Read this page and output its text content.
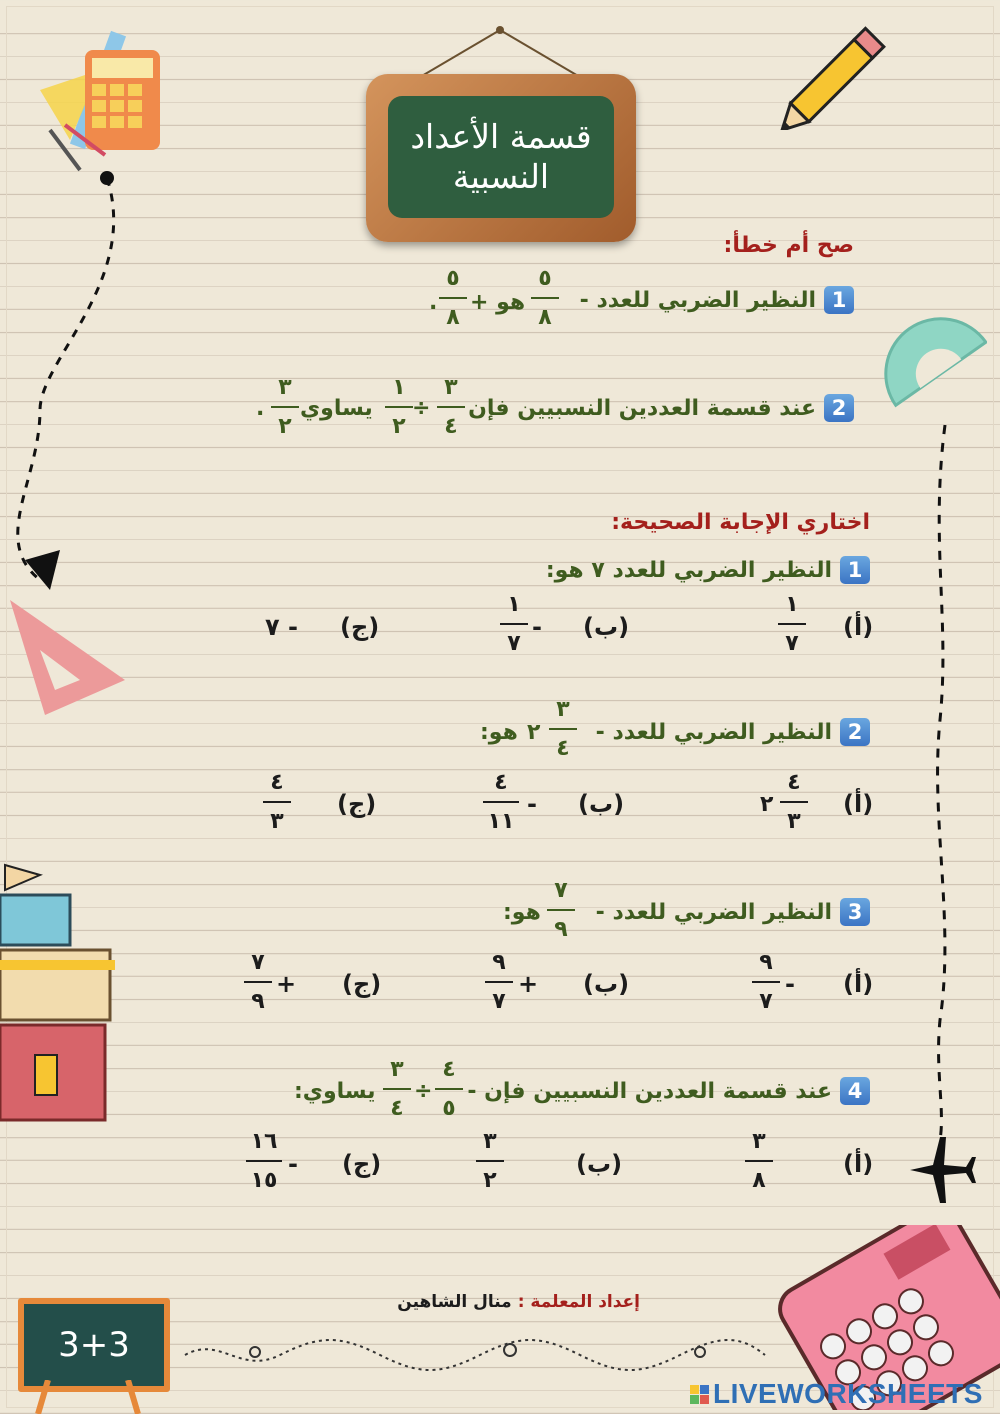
3+3
قسمة الأعداد
النسبية
صح أم خطأ:
1
النظير الضربي للعدد -
٥
٨
هو +
٥
٨
.
2
عند قسمة العددين النسبيين فإن
٣
٤
÷
١
٢
يساوي
٣
٢
.
اختاري الإجابة الصحيحة:
1
النظير الضربي للعدد ٧ هو:
(أ)
١
٧
(ب)
-
١
٧
(ج)
- ٧
2
النظير الضربي للعدد -
٣
٤
٢
هو:
(أ)
٤
٣
٢
(ب)
-
٤
١١
(ج)
٤
٣
3
النظير الضربي للعدد -
٧
٩
هو:
(أ)
-
٩
٧
(ب)
+
٩
٧
(ج)
+
٧
٩
4
عند قسمة العددين النسبيين فإن -
٤
٥
÷
٣
٤
يساوي:
(أ)
٣
٨
(ب)
٣
٢
(ج)
-
١٦
١٥
إعداد المعلمة :
منال الشاهين
LIVEWORKSHEETS
